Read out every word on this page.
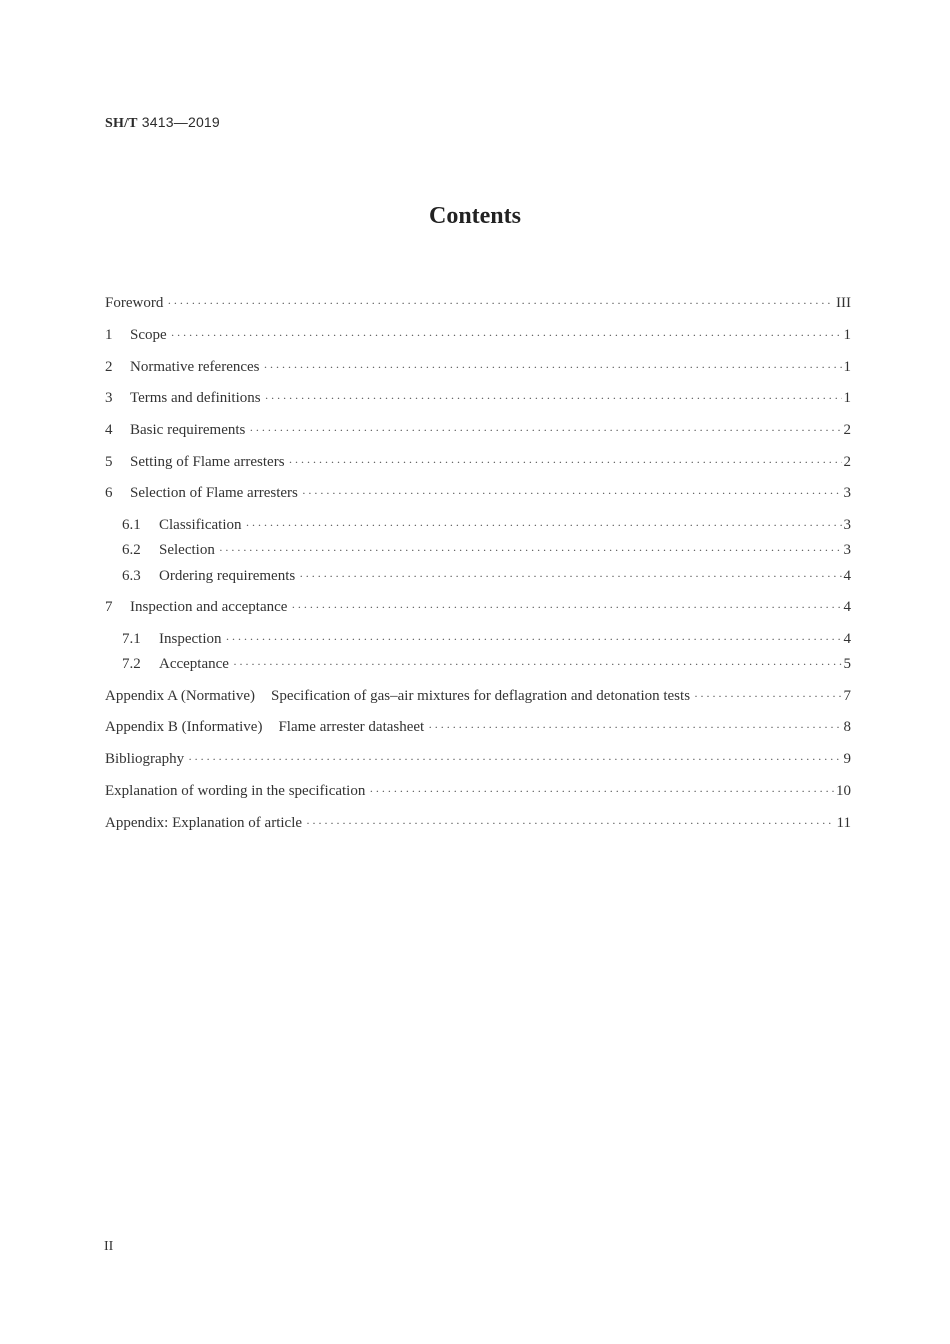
SH/T 3413—2019
Contents
Foreword ·····	III
1	Scope ·····	1
2	Normative references ·····	1
3	Terms and definitions ·····	1
4	Basic requirements ·····	2
5	Setting of Flame arresters ·····	2
6	Selection of Flame arresters ·····	3
6.1	Classification ·····	3
6.2	Selection ·····	3
6.3	Ordering requirements ·····	4
7	Inspection and acceptance ·····	4
7.1	Inspection ·····	4
7.2	Acceptance ·····	5
Appendix A (Normative) Specification of gas–air mixtures for deflagration and detonation tests ·····	7
Appendix B (Informative) Flame arrester datasheet ·····	8
Bibliography ·····	9
Explanation of wording in the specification ·····	10
Appendix: Explanation of article ·····	11
II
